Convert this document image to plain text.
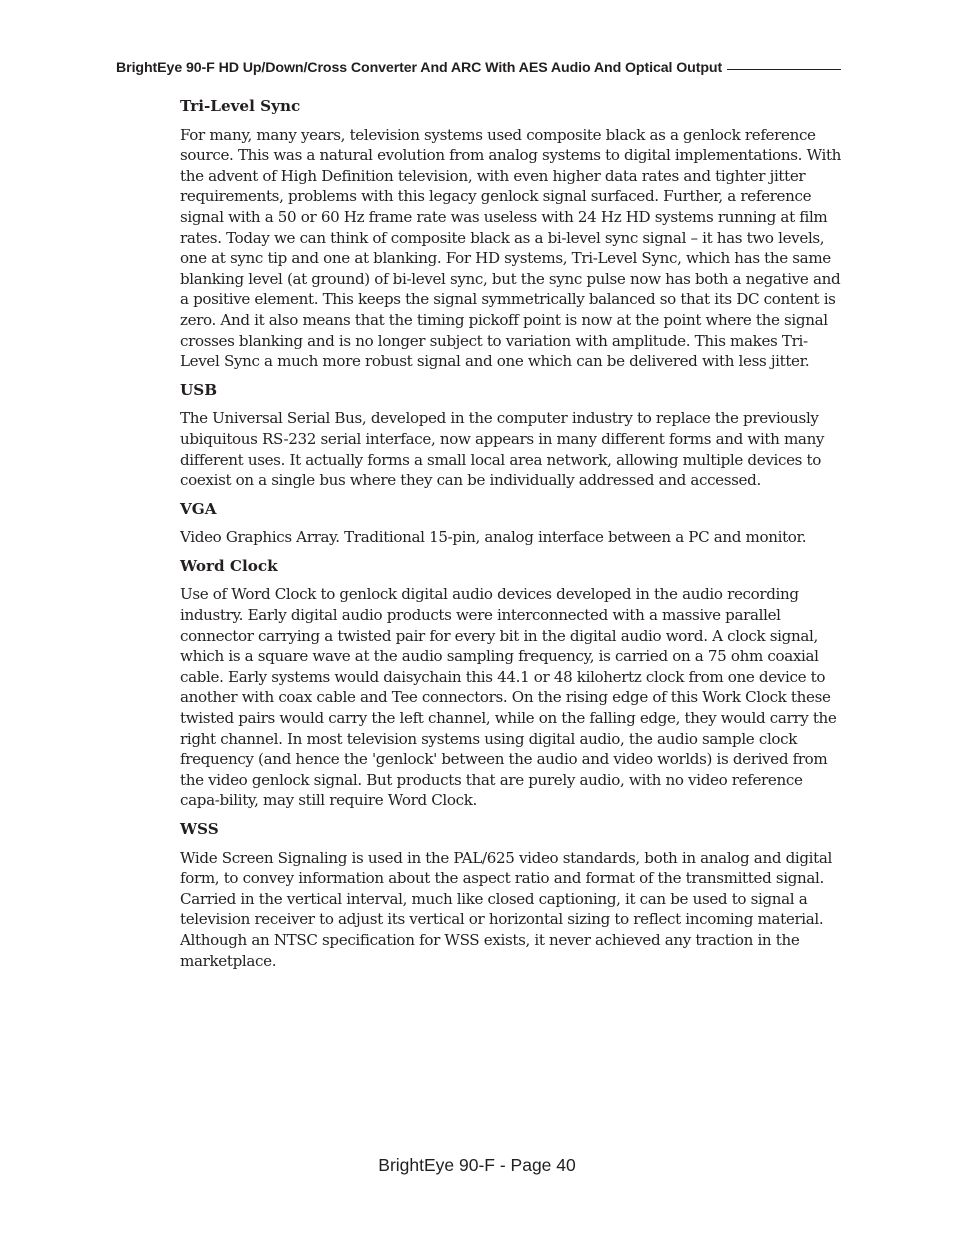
BrightEye 90-F HD Up/Down/Cross Converter And ARC With AES Audio And Optical Output
Tri-Level Sync

For many, many years, television systems used composite black as a genlock reference source. This was a natural evolution from analog systems to digital implementations. With the advent of High Definition television, with even higher data rates and tighter jitter requirements, problems with this legacy genlock signal surfaced. Further, a reference signal with a 50 or 60 Hz frame rate was useless with 24 Hz HD systems running at film rates. Today we can think of composite black as a bi-level sync signal – it has two levels, one at sync tip and one at blanking. For HD systems, Tri-Level Sync, which has the same blanking level (at ground) of bi-level sync, but the sync pulse now has both a negative and a positive element. This keeps the signal symmetrically balanced so that its DC content is zero. And it also means that the timing pickoff point is now at the point where the signal crosses blanking and is no longer subject to variation with amplitude. This makes Tri-Level Sync a much more robust signal and one which can be delivered with less jitter.

USB

The Universal Serial Bus, developed in the computer industry to replace the previously ubiquitous RS-232 serial interface, now appears in many different forms and with many different uses. It actually forms a small local area network, allowing multiple devices to coexist on a single bus where they can be individually addressed and accessed.

VGA

Video Graphics Array. Traditional 15-pin, analog interface between a PC and monitor.

Word Clock

Use of Word Clock to genlock digital audio devices developed in the audio recording industry. Early digital audio products were interconnected with a massive parallel connector carrying a twisted pair for every bit in the digital audio word. A clock signal, which is a square wave at the audio sampling frequency, is carried on a 75 ohm coaxial cable. Early systems would daisychain this 44.1 or 48 kilohertz clock from one device to another with coax cable and Tee connectors. On the rising edge of this Work Clock these twisted pairs would carry the left channel, while on the falling edge, they would carry the right channel. In most television systems using digital audio, the audio sample clock frequency (and hence the 'genlock' between the audio and video worlds) is derived from the video genlock signal. But products that are purely audio, with no video reference capa-bility, may still require Word Clock.

WSS

Wide Screen Signaling is used in the PAL/625 video standards, both in analog and digital form, to convey information about the aspect ratio and format of the transmitted signal. Carried in the vertical interval, much like closed captioning, it can be used to signal a television receiver to adjust its vertical or horizontal sizing to reflect incoming material. Although an NTSC specification for WSS exists, it never achieved any traction in the marketplace.

BrightEye 90-F - Page 40
